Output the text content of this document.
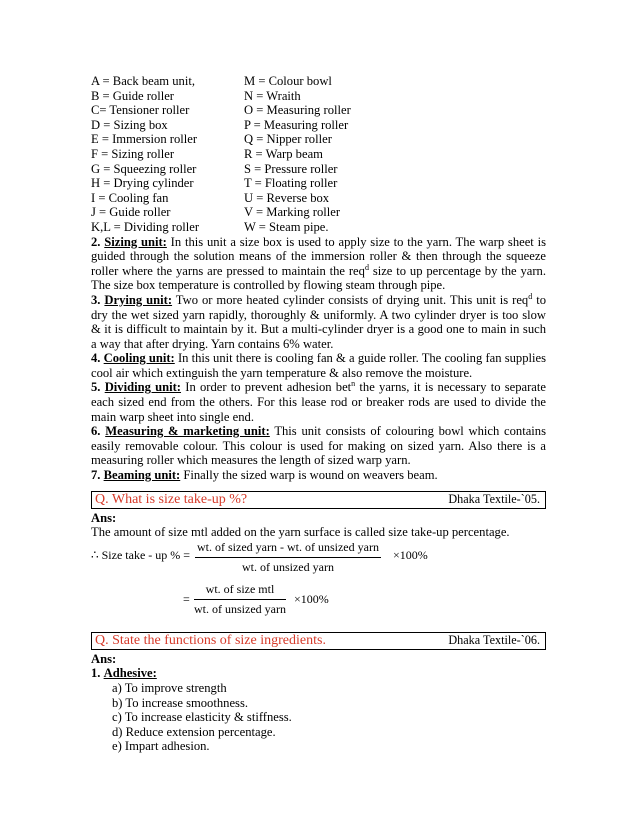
A = Back beam unit,	M = Colour bowl
B = Guide roller	N = Wraith
C= Tensioner roller	O = Measuring roller
D = Sizing box	P = Measuring roller
E = Immersion roller	Q = Nipper roller
F = Sizing roller	R = Warp beam
G = Squeezing roller	S = Pressure roller
H = Drying cylinder	T = Floating roller
I = Cooling fan	U = Reverse box
J = Guide roller	V = Marking roller
K,L = Dividing roller	W = Steam pipe.

2. Sizing unit: In this unit a size box is used to apply size to the yarn. The warp sheet is guided through the solution means of the immersion roller & then through the squeeze roller where the yarns are pressed to maintain the req$^d$ size to up percentage by the yarn. The size box temperature is controlled by flowing steam through pipe.

3. Drying unit: Two or more heated cylinder consists of drying unit. This unit is req$^d$ to dry the wet sized yarn rapidly, thoroughly & uniformly. A two cylinder dryer is too slow & it is difficult to maintain by it. But a multi-cylinder dryer is a good one to main in such a way that after drying. Yarn contains 6% water.

4. Cooling unit: In this unit there is cooling fan & a guide roller. The cooling fan supplies cool air which extinguish the yarn temperature & also remove the moisture.

5. Dividing unit: In order to prevent adhesion bet$^n$ the yarns, it is necessary to separate each sized end from the others. For this lease rod or breaker rods are used to divide the main warp sheet into single end.

6. Measuring & marketing unit: This unit consists of colouring bowl which contains easily removable colour. This colour is used for making on sized yarn. Also there is a measuring roller which measures the length of sized warp yarn.

7. Beaming unit: Finally the sized warp is wound on weavers beam.

Q. What is size take-up %?	Dhaka Textile-`05.
Ans:
The amount of size mtl added on the yarn surface is called size take-up percentage.
∴ Size take - up % =
wt. of sized yarn - wt. of unsized yarn
wt. of unsized yarn
×100%
=
wt. of size mtl
wt. of unsized yarn
×100%
Q. State the functions of size ingredients.	Dhaka Textile-`06.
Ans:
1. Adhesive:
a) To improve strength
b) To increase smoothness.
c) To increase elasticity & stiffness.
d) Reduce extension percentage.
e) Impart adhesion.
